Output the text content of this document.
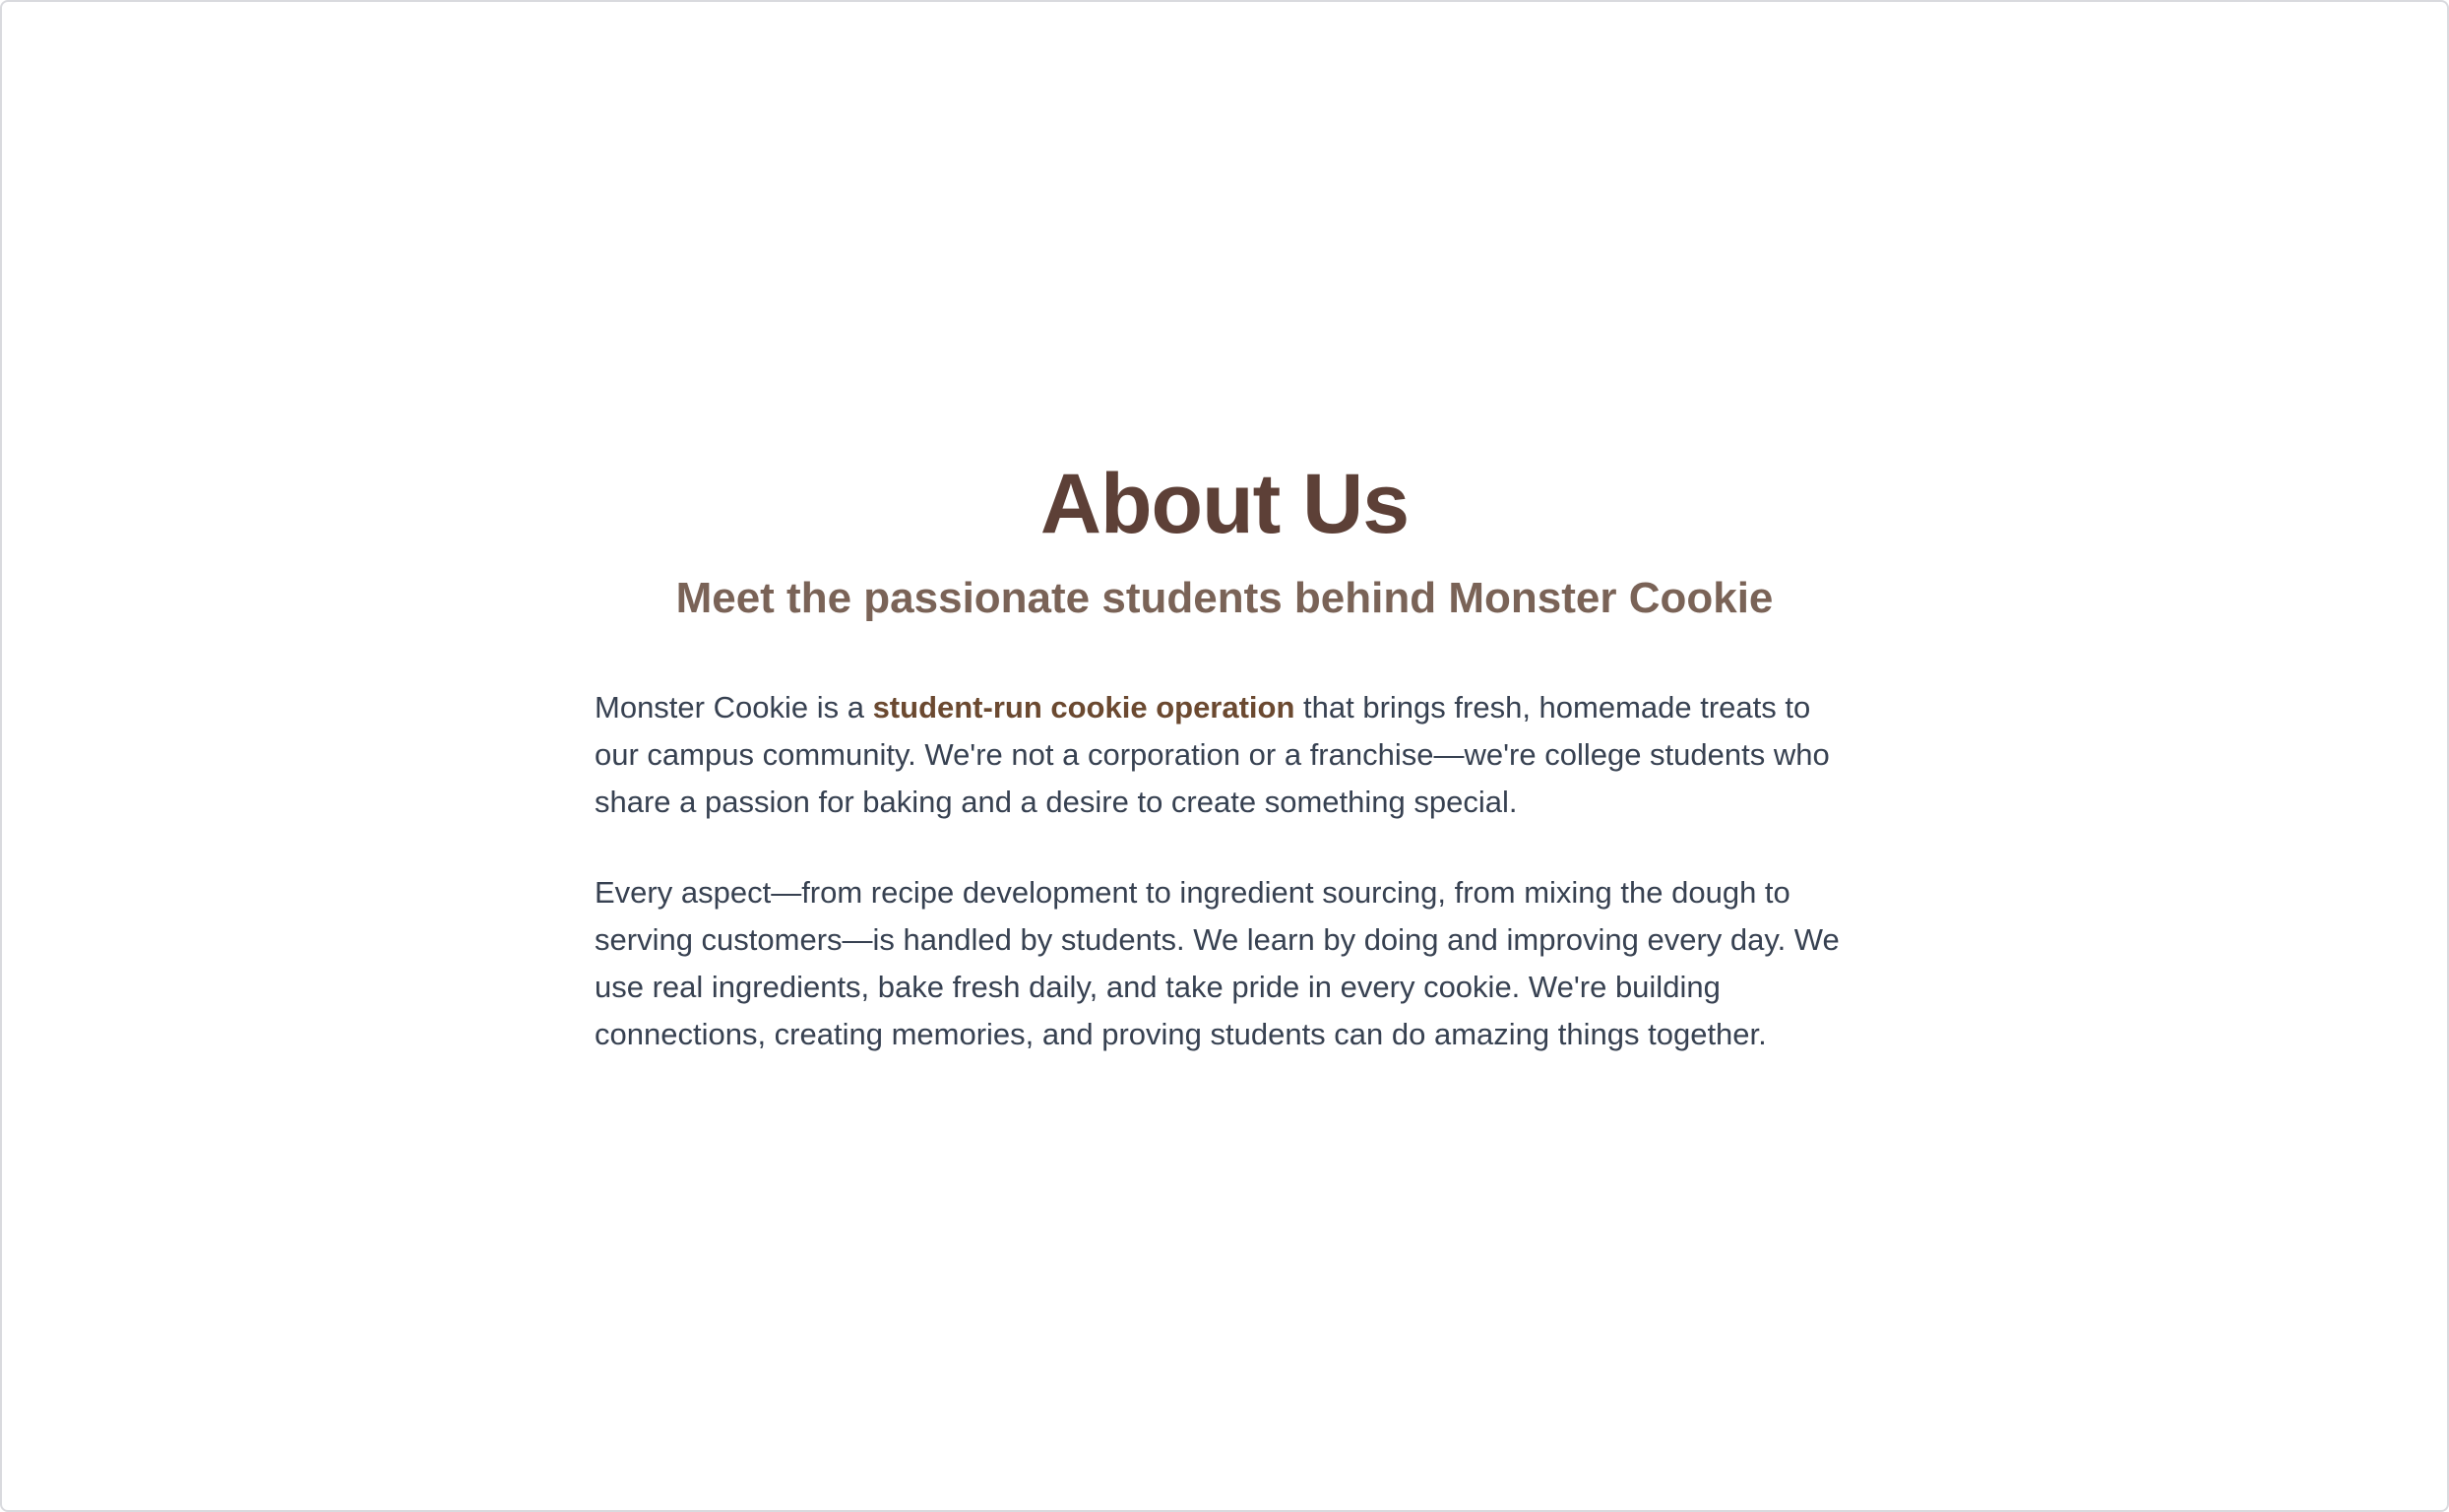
About Us
Meet the passionate students behind Monster Cookie

Monster Cookie is a student-run cookie operation that brings fresh, homemade treats to our campus community. We're not a corporation or a franchise—we're college students who share a passion for baking and a desire to create something special.

Every aspect—from recipe development to ingredient sourcing, from mixing the dough to serving customers—is handled by students. We learn by doing and improving every day. We use real ingredients, bake fresh daily, and take pride in every cookie. We're building connections, creating memories, and proving students can do amazing things together.
